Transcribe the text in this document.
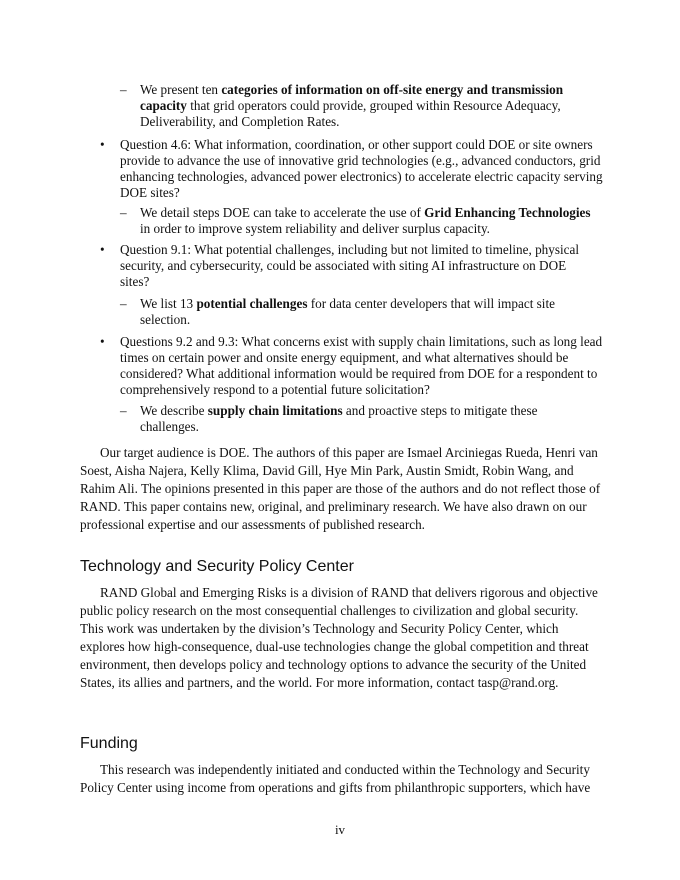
– We present ten categories of information on off-site energy and transmission capacity that grid operators could provide, grouped within Resource Adequacy, Deliverability, and Completion Rates.

• Question 4.6: What information, coordination, or other support could DOE or site owners provide to advance the use of innovative grid technologies (e.g., advanced conductors, grid enhancing technologies, advanced power electronics) to accelerate electric capacity serving DOE sites?

– We detail steps DOE can take to accelerate the use of Grid Enhancing Technologies in order to improve system reliability and deliver surplus capacity.

• Question 9.1: What potential challenges, including but not limited to timeline, physical security, and cybersecurity, could be associated with siting AI infrastructure on DOE sites?

– We list 13 potential challenges for data center developers that will impact site selection.

• Questions 9.2 and 9.3: What concerns exist with supply chain limitations, such as long lead times on certain power and onsite energy equipment, and what alternatives should be considered? What additional information would be required from DOE for a respondent to comprehensively respond to a potential future solicitation?

– We describe supply chain limitations and proactive steps to mitigate these challenges.

Our target audience is DOE. The authors of this paper are Ismael Arciniegas Rueda, Henri van Soest, Aisha Najera, Kelly Klima, David Gill, Hye Min Park, Austin Smidt, Robin Wang, and Rahim Ali. The opinions presented in this paper are those of the authors and do not reflect those of RAND. This paper contains new, original, and preliminary research. We have also drawn on our professional expertise and our assessments of published research.

Technology and Security Policy Center

RAND Global and Emerging Risks is a division of RAND that delivers rigorous and objective public policy research on the most consequential challenges to civilization and global security. This work was undertaken by the division’s Technology and Security Policy Center, which explores how high-consequence, dual-use technologies change the global competition and threat environment, then develops policy and technology options to advance the security of the United States, its allies and partners, and the world. For more information, contact tasp@rand.org.

Funding

This research was independently initiated and conducted within the Technology and Security Policy Center using income from operations and gifts from philanthropic supporters, which have

iv
